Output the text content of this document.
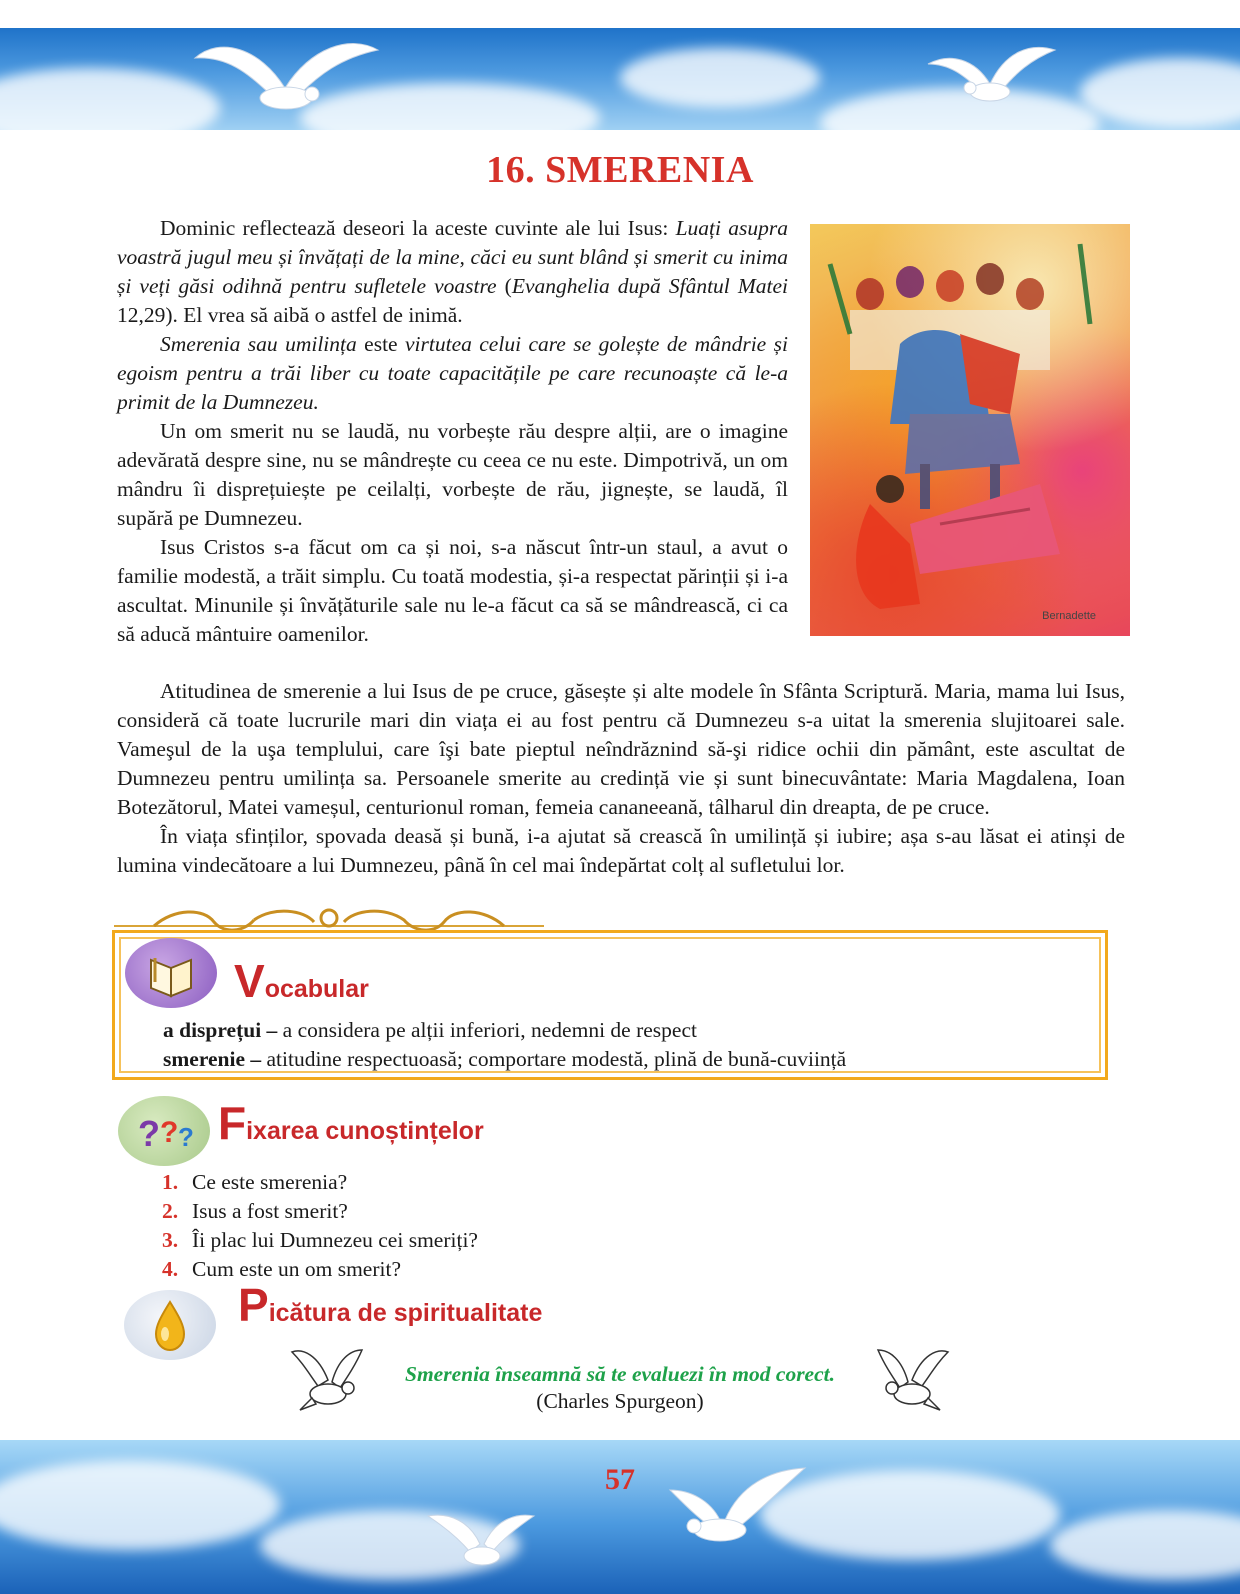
16. SMERENIA

Dominic reflectează deseori la aceste cuvinte ale lui Isus: Luați asupra voastră jugul meu și învățați de la mine, căci eu sunt blând și smerit cu inima și veți găsi odihnă pentru sufletele voastre (Evanghelia după Sfântul Matei 12,29). El vrea să aibă o astfel de inimă.

Smerenia sau umilința este virtutea celui care se golește de mândrie și egoism pentru a trăi liber cu toate capacitățile pe care recunoaște că le-a primit de la Dumnezeu.

Un om smerit nu se laudă, nu vorbește rău despre alții, are o imagine adevărată despre sine, nu se mândrește cu ceea ce nu este. Dimpotrivă, un om mândru îi disprețuiește pe ceilalți, vorbește de rău, jignește, se laudă, îl supără pe Dumnezeu.

Isus Cristos s-a făcut om ca și noi, s-a născut într-un staul, a avut o familie modestă, a trăit simplu. Cu toată modestia, și-a respectat părinții și i-a ascultat. Minunile și învățăturile sale nu le-a făcut ca să se mândrească, ci ca să aducă mântuire oamenilor.

Bernadette

Atitudinea de smerenie a lui Isus de pe cruce, găsește și alte modele în Sfânta Scriptură. Maria, mama lui Isus, consideră că toate lucrurile mari din viața ei au fost pentru că Dumnezeu s-a uitat la smerenia slujitoarei sale. Vameşul de la uşa templului, care îşi bate pieptul neîndrăznind să-şi ridice ochii din pământ, este ascultat de Dumnezeu pentru umilința sa. Persoanele smerite au credință vie și sunt binecuvântate: Maria Magdalena, Ioan Botezătorul, Matei vameșul, centurionul roman, femeia cananeeană, tâlharul din dreapta, de pe cruce.

În viața sfinților, spovada deasă și bună, i-a ajutat să crească în umilință și iubire; așa s-au lăsat ei atinși de lumina vindecătoare a lui Dumnezeu, până în cel mai îndepărtat colț al sufletului lor.

Vocabular

a disprețui – a considera pe alții inferiori, nedemni de respect

smerenie – atitudine respectuoasă; comportare modestă, plină de bună-cuviință

? ? ? Fixarea cunoștințelor

1. Ce este smerenia?
2. Isus a fost smerit?
3. Îi plac lui Dumnezeu cei smeriți?
4. Cum este un om smerit?

Picătura de spiritualitate

Smerenia înseamnă să te evaluezi în mod corect.
(Charles Spurgeon)

57
